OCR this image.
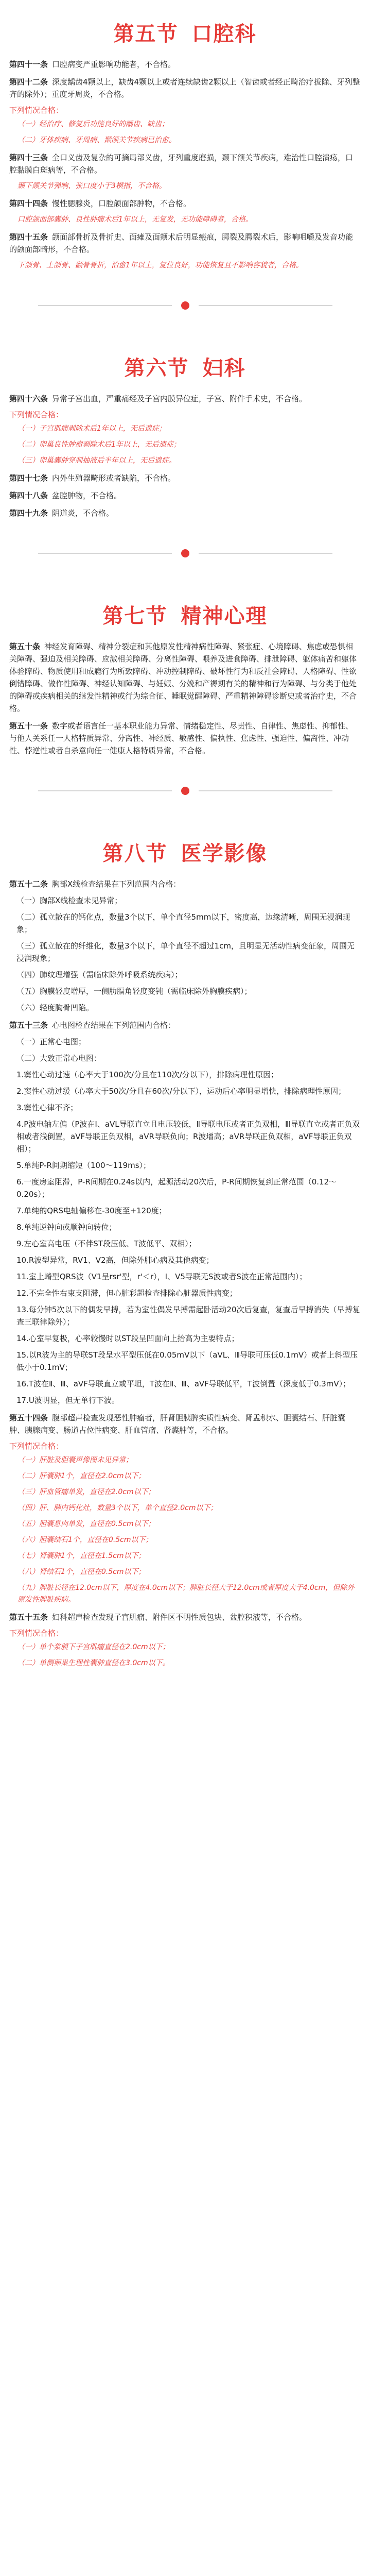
第五节 口腔科

第四十一条 口腔病变严重影响功能者，不合格。

第四十二条 深度龋齿4颗以上，缺齿4颗以上或者连续缺齿2颗以上（智齿或者经正畸治疗拔除、牙列整齐的除外）；重度牙周炎，不合格。

下列情况合格：

（一）经治疗、修复后功能良好的龋齿、缺齿；

（二）牙体疾病、牙周病、颞颌关节疾病已治愈。

第四十三条 全口义齿及复杂的可摘局部义齿，牙列重度磨损，颞下颌关节疾病，难治性口腔溃疡，口腔黏膜白斑病等，不合格。

颞下颌关节弹响、张口度小于3横指，不合格。

第四十四条 慢性腮腺炎，口腔颌面部肿物，不合格。

口腔颌面部囊肿、良性肿瘤术后1年以上，无复发，无功能障碍者，合格。

第四十五条 颌面部骨折及骨折史、面瘫及面颊术后明显瘢痕，腭裂及腭裂术后，影响咀嚼及发音功能的颌面部畸形，不合格。

下颌骨、上颌骨、颧骨骨折，治愈1年以上，复位良好，功能恢复且不影响容貌者，合格。

第六节 妇科

第四十六条 异常子宫出血，严重痛经及子宫内膜异位症，子宫、附件手术史，不合格。

下列情况合格：

（一）子宫肌瘤剥除术后1年以上，无后遗症；

（二）卵巢良性肿瘤剥除术后1年以上，无后遗症；

（三）卵巢囊肿穿刺抽液后半年以上，无后遗症。

第四十七条 内外生殖器畸形或者缺陷，不合格。

第四十八条 盆腔肿物，不合格。

第四十九条 阴道炎，不合格。

第七节 精神心理

第五十条 神经发育障碍、精神分裂症和其他原发性精神病性障碍、紧张症、心境障碍、焦虑或恐惧相关障碍、强迫及相关障碍、应激相关障碍、分离性障碍、喂养及进食障碍、排泄障碍、躯体痛苦和躯体体验障碍、物质使用和成瘾行为所致障碍、冲动控制障碍、破坏性行为和反社会障碍、人格障碍、性欲倒错障碍、做作性障碍、神经认知障碍、与妊娠、分娩和产褥期有关的精神和行为障碍、与分类于他处的障碍或疾病相关的继发性精神或行为综合征、睡眠觉醒障碍、严重精神障碍诊断史或者治疗史，不合格。

第五十一条 数字或者语言任一基本职业能力异常、情绪稳定性、尽责性、自律性、焦虑性、抑郁性、与他人关系任一人格特质异常、分离性、神经质、敏感性、偏执性、焦虑性、强迫性、偏离性、冲动性、悖逆性或者自杀意向任一健康人格特质异常，不合格。

第八节 医学影像

第五十二条 胸部X线检查结果在下列范围内合格：

（一）胸部X线检查未见异常；

（二）孤立散在的钙化点，数量3个以下，单个直径5mm以下，密度高，边缘清晰，周围无浸润现象；

（三）孤立散在的纤维化，数量3个以下，单个直径不超过1cm，且明显无活动性病变征象，周围无浸润现象；

（四）肺纹理增强（需临床除外呼吸系统疾病）；

（五）胸膜轻度增厚，一侧肋膈角轻度变钝（需临床除外胸膜疾病）；

（六）轻度胸骨凹陷。

第五十三条 心电图检查结果在下列范围内合格：

（一）正常心电图；

（二）大致正常心电图：

1.窦性心动过速（心率大于100次/分且在110次/分以下），排除病理性原因；

2.窦性心动过缓（心率大于50次/分且在60次/分以下），运动后心率明显增快，排除病理性原因；

3.窦性心律不齐；

4.P波电轴左偏（P波在Ⅰ、aVL导联直立且电压较低，Ⅱ导联电压或者正负双相，Ⅲ导联直立或者正负双相或者浅倒置，aVF导联正负双相，aVR导联负向；R波增高；aVR导联正负双相，aVF导联正负双相）；

5.单纯P-R间期缩短（100～119ms）；

6.一度房室阻滞，P-R间期在0.24s以内，起源活动20次后，P-R间期恢复到正常范围（0.12～0.20s）；

7.单纯的QRS电轴偏移在-30度至+120度；

8.单纯逆钟向或顺钟向转位；

9.左心室高电压（不伴ST段压低、T波低平、双相）；

10.R波型异常，RV1、V2高，但除外肺心病及其他病变；

11.室上嵴型QRS波（V1呈rsr'型，r'＜r），Ⅰ、V5导联无S波或者S波在正常范围内）；

12.不完全性右束支阻滞，但心脏彩超检查排除心脏器质性病变；

13.每分钟5次以下的偶发早搏，若为室性偶发早搏需起卧活动20次后复查，复查后早搏消失（早搏复查三联律除外）；

14.心室早复极，心率较慢时以ST段呈凹面向上抬高为主要特点；

15.以R波为主的导联ST段呈水平型压低在0.05mV以下（aVL、Ⅲ导联可压低0.1mV）或者上斜型压低小于0.1mV；

16.T波在Ⅱ、Ⅲ、aVF导联直立或平坦，T波在Ⅱ、Ⅲ、aVF导联低平，T波倒置（深度低于0.3mV）；

17.U波明显，但无单行下波。

第五十四条 腹部超声检查发现恶性肿瘤者，肝肾胆胰脾实质性病变、肾盂积水、胆囊结石、肝脏囊肿、胰腺病变、肠道占位性病变、肝血管瘤、肾囊肿等，不合格。

下列情况合格：

（一）肝脏及胆囊声像图未见异常；

（二）肝囊肿1个，直径在2.0cm以下；

（三）肝血管瘤单发，直径在2.0cm以下；

（四）肝、脾内钙化灶，数量3个以下，单个直径2.0cm以下；

（五）胆囊息肉单发，直径在0.5cm以下；

（六）胆囊结石1个，直径在0.5cm以下；

（七）肾囊肿1个，直径在1.5cm以下；

（八）肾结石1个，直径在0.5cm以下；

（九）脾脏长径在12.0cm以下，厚度在4.0cm以下；脾脏长径大于12.0cm或者厚度大于4.0cm，但除外原发性脾脏疾病。

第五十五条 妇科超声检查发现子宫肌瘤、附件区不明性质包块、盆腔积液等，不合格。

下列情况合格：

（一）单个浆膜下子宫肌瘤直径在2.0cm以下；

（二）单侧卵巢生理性囊肿直径在3.0cm以下。
